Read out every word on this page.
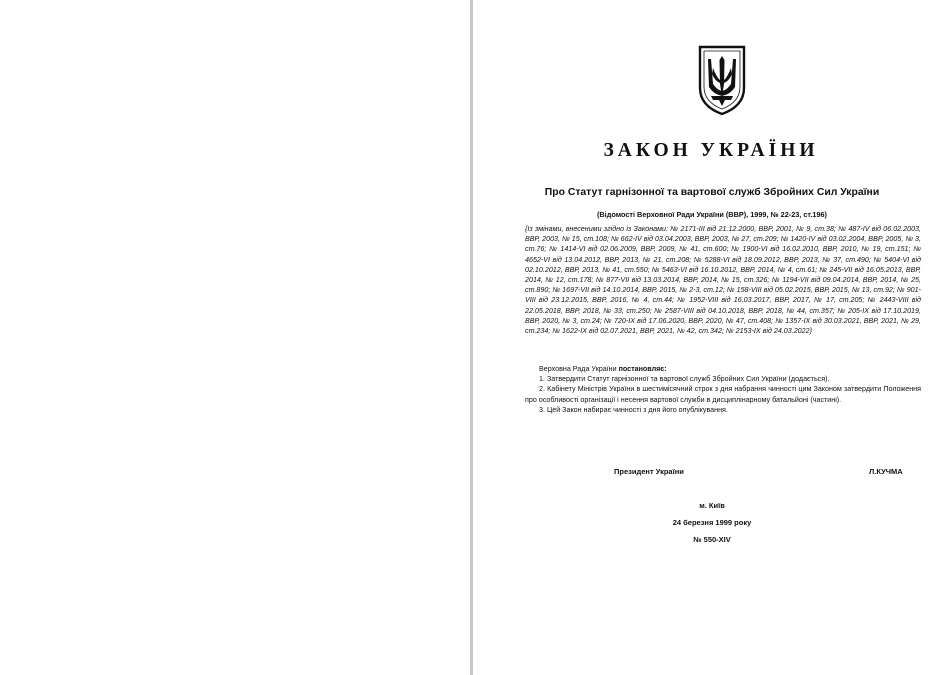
ЗАКОН УКРАЇНИ
Про Статут гарнізонної та вартової служб Збройних Сил України
(Відомості Верховної Ради України (ВВР), 1999, № 22-23, ст.196)
{Із змінами, внесеними згідно із Законами: № 2171-III від 21.12.2000, ВВР, 2001, № 9, ст.38; № 487-IV від 06.02.2003, ВВР, 2003, № 15, ст.108; № 662-IV від 03.04.2003, ВВР, 2003, № 27, ст.209; № 1420-IV від 03.02.2004, ВВР, 2005, № 3, ст.76; № 1414-VI від 02.06.2009, ВВР, 2009, № 41, ст.600; № 1900-VI від 16.02.2010, ВВР, 2010, № 19, ст.151; № 4652-VI від 13.04.2012, ВВР, 2013, № 21, ст.208; № 5288-VI від 18.09.2012, ВВР, 2013, № 37, ст.490; № 5404-VI від 02.10.2012, ВВР, 2013, № 41, ст.550; № 5463-VI від 16.10.2012, ВВР, 2014, № 4, ст.61; № 245-VII від 16.05.2013, ВВР, 2014, № 12, ст.178; № 877-VII від 13.03.2014, ВВР, 2014, № 15, ст.326; № 1194-VII від 09.04.2014, ВВР, 2014, № 25, ст.890; № 1697-VII від 14.10.2014, ВВР, 2015, № 2-3, ст.12; № 158-VIII від 05.02.2015, ВВР, 2015, № 13, ст.92; № 901-VIII від 23.12.2015, ВВР, 2016, № 4, ст.44; № 1952-VIII від 16.03.2017, ВВР, 2017, № 17, ст.205; № 2443-VIII від 22.05.2018, ВВР, 2018, № 33, ст.250; № 2587-VIII від 04.10.2018, ВВР, 2018, № 44, ст.357; № 205-IX від 17.10.2019, ВВР, 2020, № 3, ст.24; № 720-IX від 17.06.2020, ВВР, 2020, № 47, ст.408; № 1357-IX від 30.03.2021, ВВР, 2021, № 29, ст.234; № 1622-IX від 02.07.2021, ВВР, 2021, № 42, ст.342; № 2153-IX від 24.03.2022}

Верховна Рада України постановляє:

1. Затвердити Статут гарнізонної та вартової служб Збройних Сил України (додається).

2. Кабінету Міністрів України в шестимісячний строк з дня набрання чинності цим Законом затвердити Положення про особливості організації і несення вартової служби в дисциплінарному батальйоні (частині).

3. Цей Закон набирає чинності з дня його опублікування.

Президент України	Л.КУЧМА
м. Київ
24 березня 1999 року
№ 550-XIV
